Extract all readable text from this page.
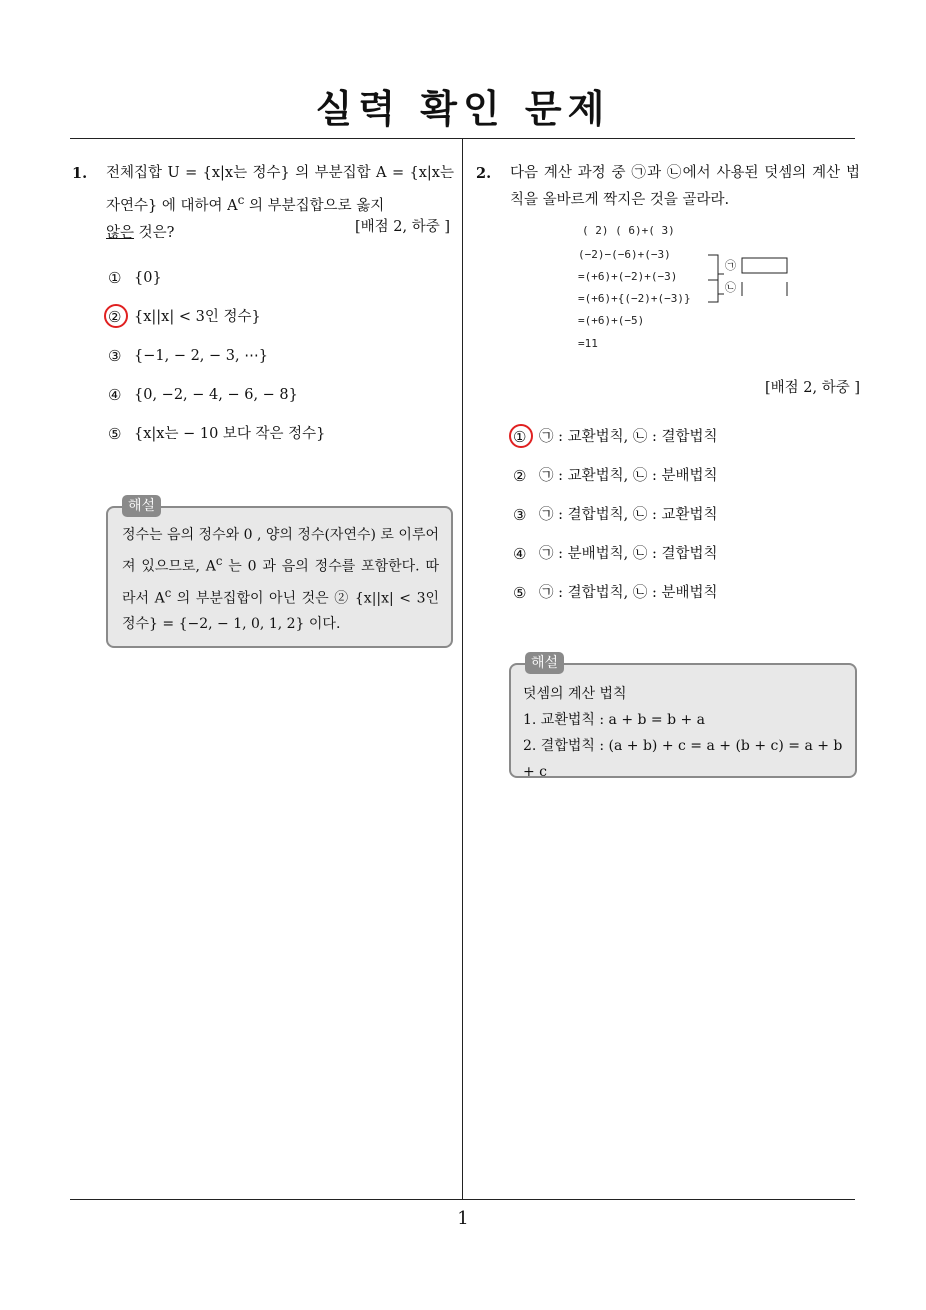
실력 확인 문제
1. 전체집합 U = {x|x는 정수} 의 부분집합 A = {x|x는 자연수} 에 대하여 $A^c$ 의 부분집합으로 옳지
않은 것은?	[배점 2, 하중 ]
① {0}
② {x||x| < 3인 정수}
③ {−1, − 2, − 3, ⋯}
④ {0, −2, − 4, − 6, − 8}
⑤ {x|x는 − 10 보다 작은 정수}
해설
정수는 음의 정수와 0 , 양의 정수(자연수) 로 이루어져 있으므로, $A^c$ 는 0 과 음의 정수를 포함한다. 따라서 $A^c$ 의 부분집합이 아닌 것은 ② {x||x| < 3인 정수} = {−2, − 1, 0, 1, 2} 이다.
2. 다음 계산 과정 중 ㉠과 ㉡에서 사용된 덧셈의 계산 법칙을 올바르게 짝지은 것을 골라라.
[배점 2, 하중 ]
( 2) ( 6)+( 3)
(−2)−(−6)+(−3)
=(+6)+(−2)+(−3)
=(+6)+{(−2)+(−3)}
=(+6)+(−5)
=11
㉠
㉡
① ㉠ : 교환법칙, ㉡ : 결합법칙
② ㉠ : 교환법칙, ㉡ : 분배법칙
③ ㉠ : 결합법칙, ㉡ : 교환법칙
④ ㉠ : 분배법칙, ㉡ : 결합법칙
⑤ ㉠ : 결합법칙, ㉡ : 분배법칙
해설
덧셈의 계산 법칙
1. 교환법칙 : a + b = b + a
2. 결합법칙 : (a + b) + c = a + (b + c) = a + b + c
1
